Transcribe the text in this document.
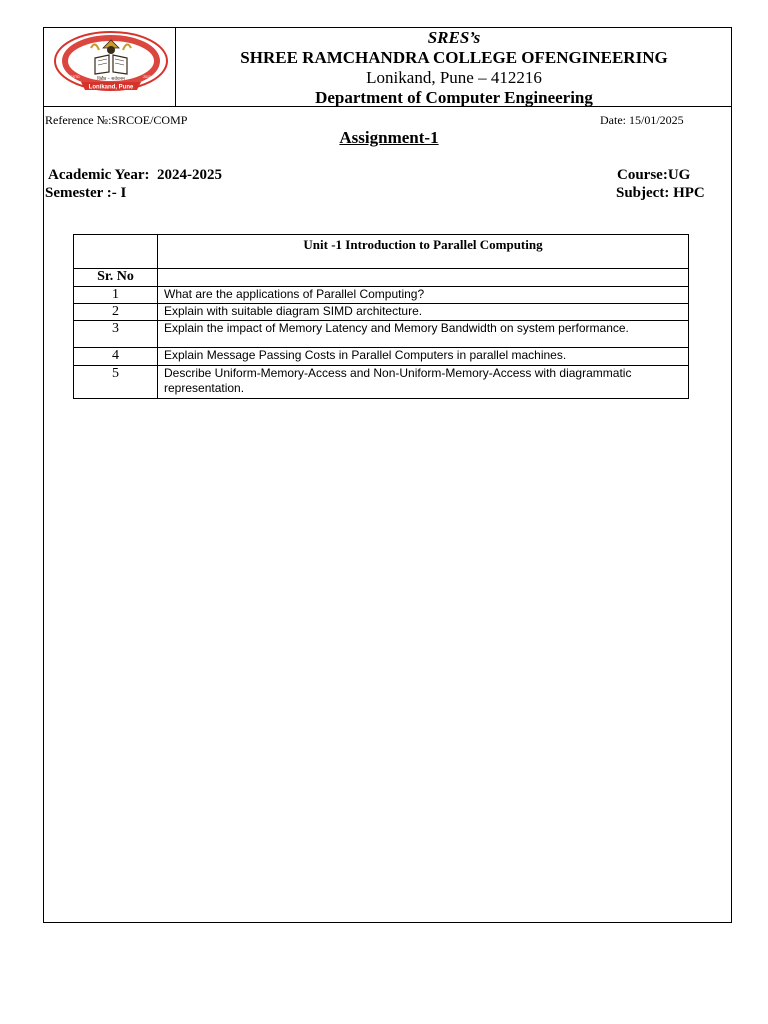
Lonikand, Pune
विद्यैव – सर्वधनम
ESTD	2010
SRES’s
SHREE RAMCHANDRA COLLEGE OFENGINEERING
Lonikand, Pune – 412216
Department of Computer Engineering
Reference №:SRCOE/COMP	Date: 15/01/2025
Assignment-1
Academic Year:  2024-2025
Semester :- I
Course:UG
Subject: HPC
	Unit -1 Introduction to Parallel Computing
Sr. No	
1	What are the applications of Parallel Computing?
2	Explain with suitable diagram SIMD architecture.
3	Explain the impact of Memory Latency and Memory Bandwidth on system performance.
4	Explain Message Passing Costs in Parallel Computers in parallel machines.
5	Describe Uniform-Memory-Access and Non-Uniform-Memory-Access with diagrammatic representation.
